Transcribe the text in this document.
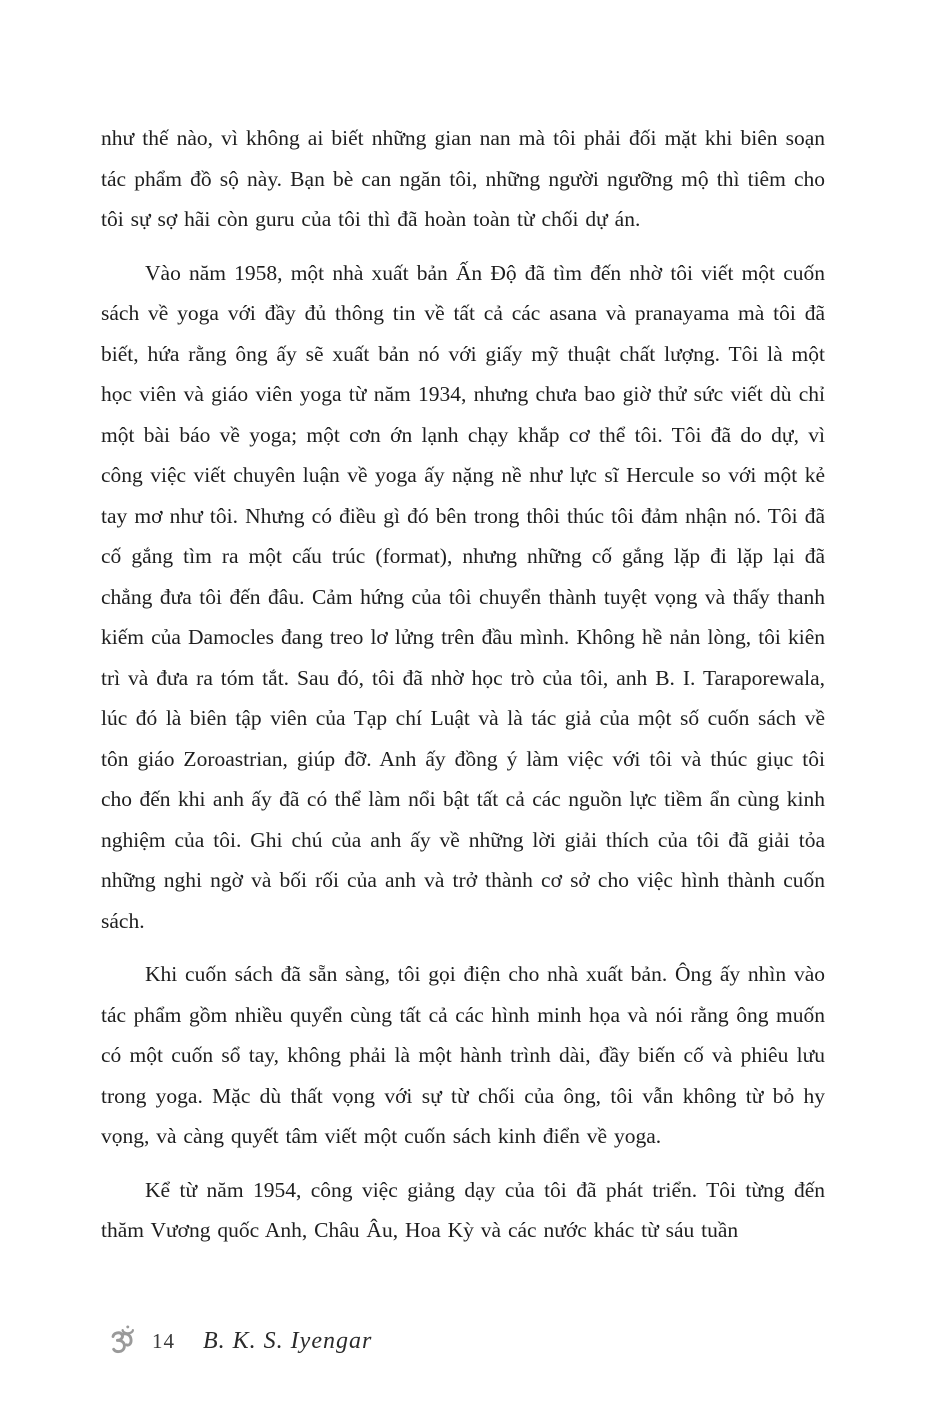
như thế nào, vì không ai biết những gian nan mà tôi phải đối mặt khi biên soạn tác phẩm đồ sộ này. Bạn bè can ngăn tôi, những người ngưỡng mộ thì tiêm cho tôi sự sợ hãi còn guru của tôi thì đã hoàn toàn từ chối dự án.

Vào năm 1958, một nhà xuất bản Ấn Độ đã tìm đến nhờ tôi viết một cuốn sách về yoga với đầy đủ thông tin về tất cả các asana và pranayama mà tôi đã biết, hứa rằng ông ấy sẽ xuất bản nó với giấy mỹ thuật chất lượng. Tôi là một học viên và giáo viên yoga từ năm 1934, nhưng chưa bao giờ thử sức viết dù chỉ một bài báo về yoga; một cơn ớn lạnh chạy khắp cơ thể tôi. Tôi đã do dự, vì công việc viết chuyên luận về yoga ấy nặng nề như lực sĩ Hercule so với một kẻ tay mơ như tôi. Nhưng có điều gì đó bên trong thôi thúc tôi đảm nhận nó. Tôi đã cố gắng tìm ra một cấu trúc (format), nhưng những cố gắng lặp đi lặp lại đã chẳng đưa tôi đến đâu. Cảm hứng của tôi chuyển thành tuyệt vọng và thấy thanh kiếm của Damocles đang treo lơ lửng trên đầu mình. Không hề nản lòng, tôi kiên trì và đưa ra tóm tắt. Sau đó, tôi đã nhờ học trò của tôi, anh B. I. Taraporewala, lúc đó là biên tập viên của Tạp chí Luật và là tác giả của một số cuốn sách về tôn giáo Zoroastrian, giúp đỡ. Anh ấy đồng ý làm việc với tôi và thúc giục tôi cho đến khi anh ấy đã có thể làm nổi bật tất cả các nguồn lực tiềm ẩn cùng kinh nghiệm của tôi. Ghi chú của anh ấy về những lời giải thích của tôi đã giải tỏa những nghi ngờ và bối rối của anh và trở thành cơ sở cho việc hình thành cuốn sách.

Khi cuốn sách đã sẵn sàng, tôi gọi điện cho nhà xuất bản. Ông ấy nhìn vào tác phẩm gồm nhiều quyển cùng tất cả các hình minh họa và nói rằng ông muốn có một cuốn sổ tay, không phải là một hành trình dài, đầy biến cố và phiêu lưu trong yoga. Mặc dù thất vọng với sự từ chối của ông, tôi vẫn không từ bỏ hy vọng, và càng quyết tâm viết một cuốn sách kinh điển về yoga.

Kể từ năm 1954, công việc giảng dạy của tôi đã phát triển. Tôi từng đến thăm Vương quốc Anh, Châu Âu, Hoa Kỳ và các nước khác từ sáu tuần

14 B. K. S. Iyengar
